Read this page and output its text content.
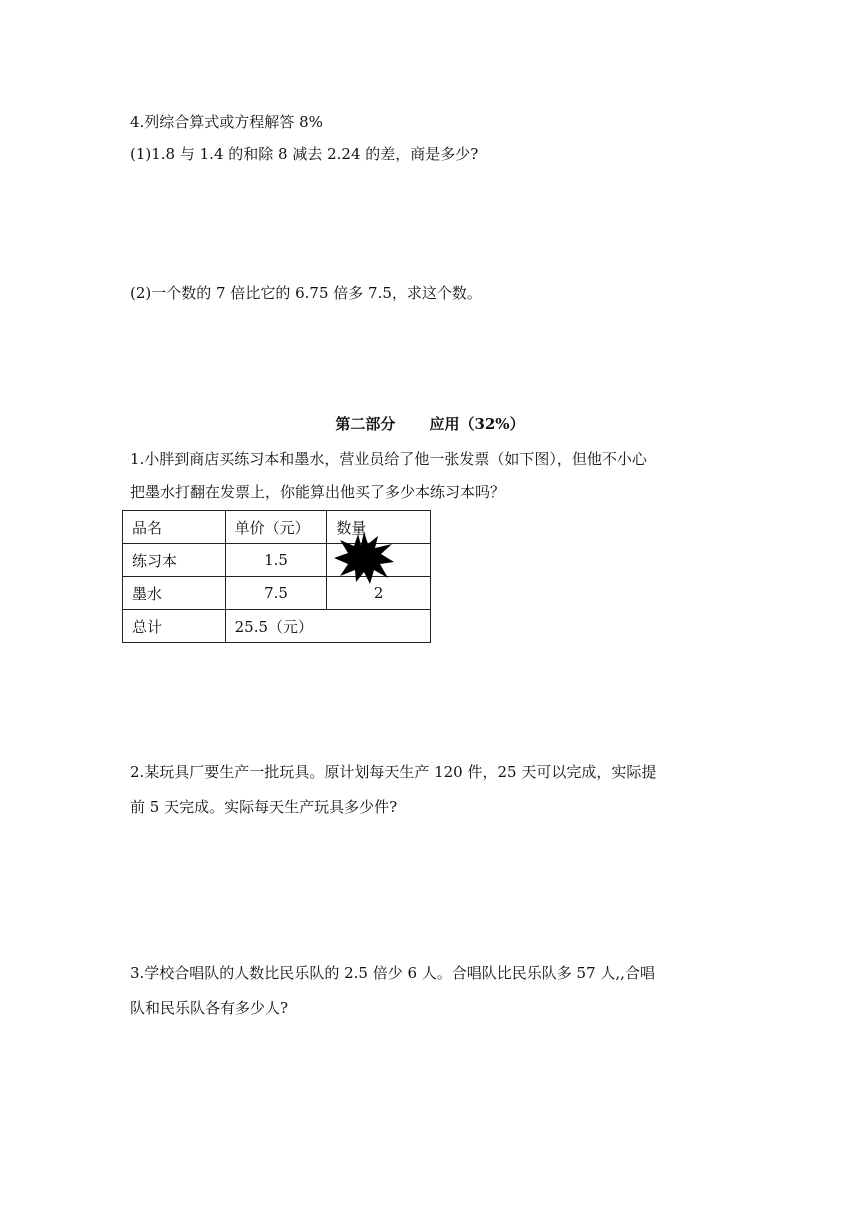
4.列综合算式或方程解答 8%
(1)1.8 与 1.4 的和除 8 减去 2.24 的差，商是多少?
(2)一个数的 7 倍比它的 6.75 倍多 7.5，求这个数。
第二部分 应用（32%）
1.小胖到商店买练习本和墨水，营业员给了他一张发票（如下图），但他不小心
把墨水打翻在发票上，你能算出他买了多少本练习本吗？
品名	单价（元）	数量
练习本	1.5	
墨水	7.5	2
总计	25.5（元）	
2.某玩具厂要生产一批玩具。原计划每天生产 120 件，25 天可以完成，实际提
前 5 天完成。实际每天生产玩具多少件?
3.学校合唱队的人数比民乐队的 2.5 倍少 6 人。合唱队比民乐队多 57 人,,合唱
队和民乐队各有多少人?
